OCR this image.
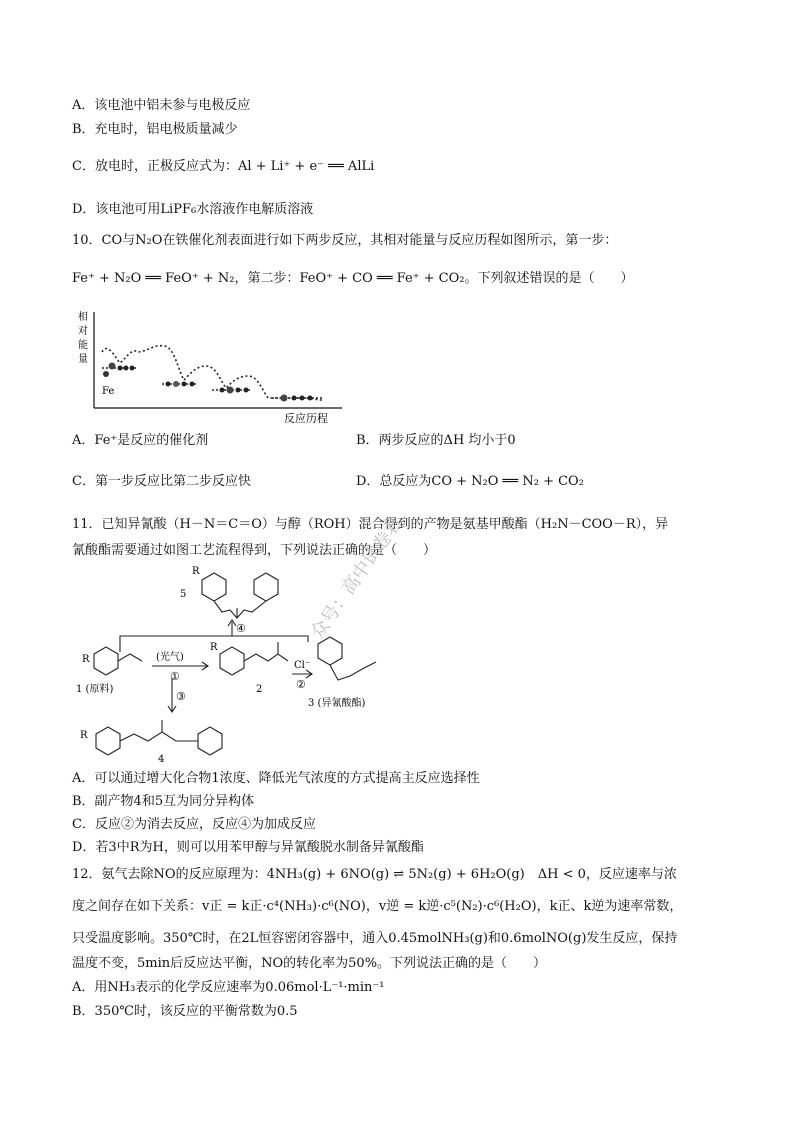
A．该电池中铝未参与电极反应
B．充电时，铝电极质量减少
C．放电时，正极反应式为：Al + Li⁺ + e⁻ ══ AlLi
D．该电池可用LiPF₆水溶液作电解质溶液
10．CO与N₂O在铁催化剂表面进行如下两步反应，其相对能量与反应历程如图所示，第一步：
Fe⁺ + N₂O ══ FeO⁺ + N₂，第二步：FeO⁺ + CO ══ Fe⁺ + CO₂。下列叙述错误的是（　　）
相
对
能
量
Fe
反应历程
A．Fe⁺是反应的催化剂	B．两步反应的ΔH 均小于0
C．第一步反应比第二步反应快	D．总反应为CO + N₂O ══ N₂ + CO₂
11．已知异氰酸（H－N＝C＝O）与醇（ROH）混合得到的产物是氨基甲酸酯（H₂N－COO－R），异
氰酸酯需要通过如图工艺流程得到，下列说法正确的是（　　）
R
R
R
R
5
1 (原料)	2
3 (异氰酸酯)
4
(光气)
①
Cl⁻
②
③
④
A．可以通过增大化合物1浓度、降低光气浓度的方式提高主反应选择性
B．副产物4和5互为同分异构体
C．反应②为消去反应，反应④为加成反应
D．若3中R为H，则可以用苯甲醇与异氰酸脱水制备异氰酸酯
12．氨气去除NO的反应原理为：4NH₃(g) + 6NO(g) ⇌ 5N₂(g) + 6H₂O(g)　ΔH < 0，反应速率与浓
度之间存在如下关系：v正 = k正·c⁴(NH₃)·c⁶(NO)，v逆 = k逆·c⁵(N₂)·c⁶(H₂O)，k正、k逆为速率常数，
只受温度影响。350℃时，在2L恒容密闭容器中，通入0.45molNH₃(g)和0.6molNO(g)发生反应，保持
温度不变，5min后反应达平衡，NO的转化率为50%。下列说法正确的是（　　）
A．用NH₃表示的化学反应速率为0.06mol·L⁻¹·min⁻¹
B．350℃时，该反应的平衡常数为0.5
众号：高中试卷君
